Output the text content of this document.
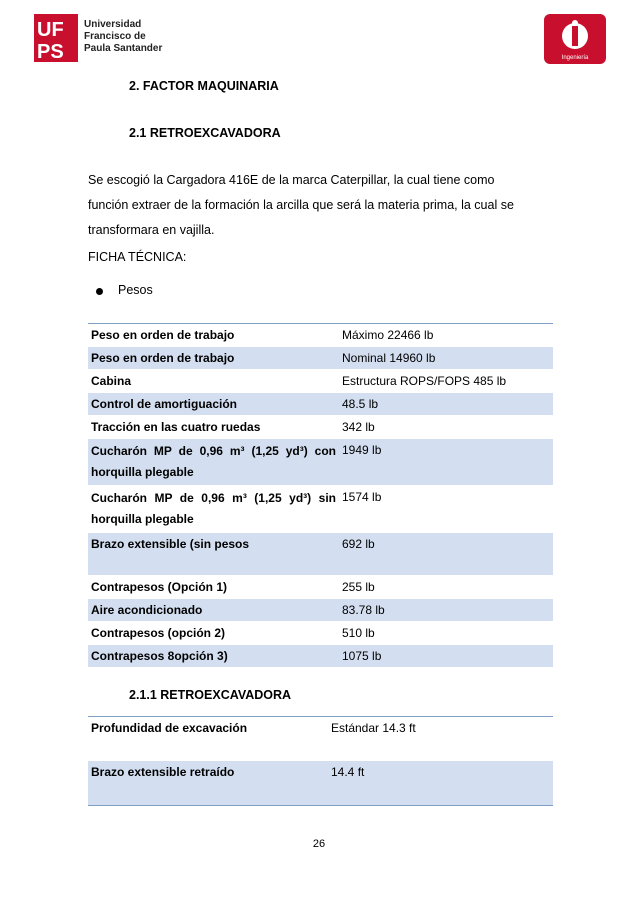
UF
PS
Universidad
Francisco de
Paula Santander
Ingeniería
2. FACTOR MAQUINARIA
2.1 RETROEXCAVADORA
Se escogió la Cargadora 416E de la marca Caterpillar, la cual tiene como
función extraer de la formación la arcilla que será la materia prima, la cual se
transformara en vajilla.
FICHA TÉCNICA:
Pesos
Peso en orden de trabajo	Máximo 22466 lb
Peso en orden de trabajo	Nominal 14960 lb
Cabina	Estructura ROPS/FOPS 485 lb
Control de amortiguación	48.5 lb
Tracción en las cuatro ruedas	342 lb
Cucharón MP de 0,96 m³ (1,25 yd³) con horquilla plegable	1949 lb
Cucharón MP de 0,96 m³ (1,25 yd³) sin horquilla plegable	1574 lb
Brazo extensible (sin pesos	692 lb
Contrapesos (Opción 1)	255 lb
Aire acondicionado	83.78 lb
Contrapesos (opción 2)	510 lb
Contrapesos 8opción 3)	1075 lb
2.1.1 RETROEXCAVADORA
Profundidad de excavación	Estándar 14.3 ft
Brazo extensible retraído	14.4 ft
26
